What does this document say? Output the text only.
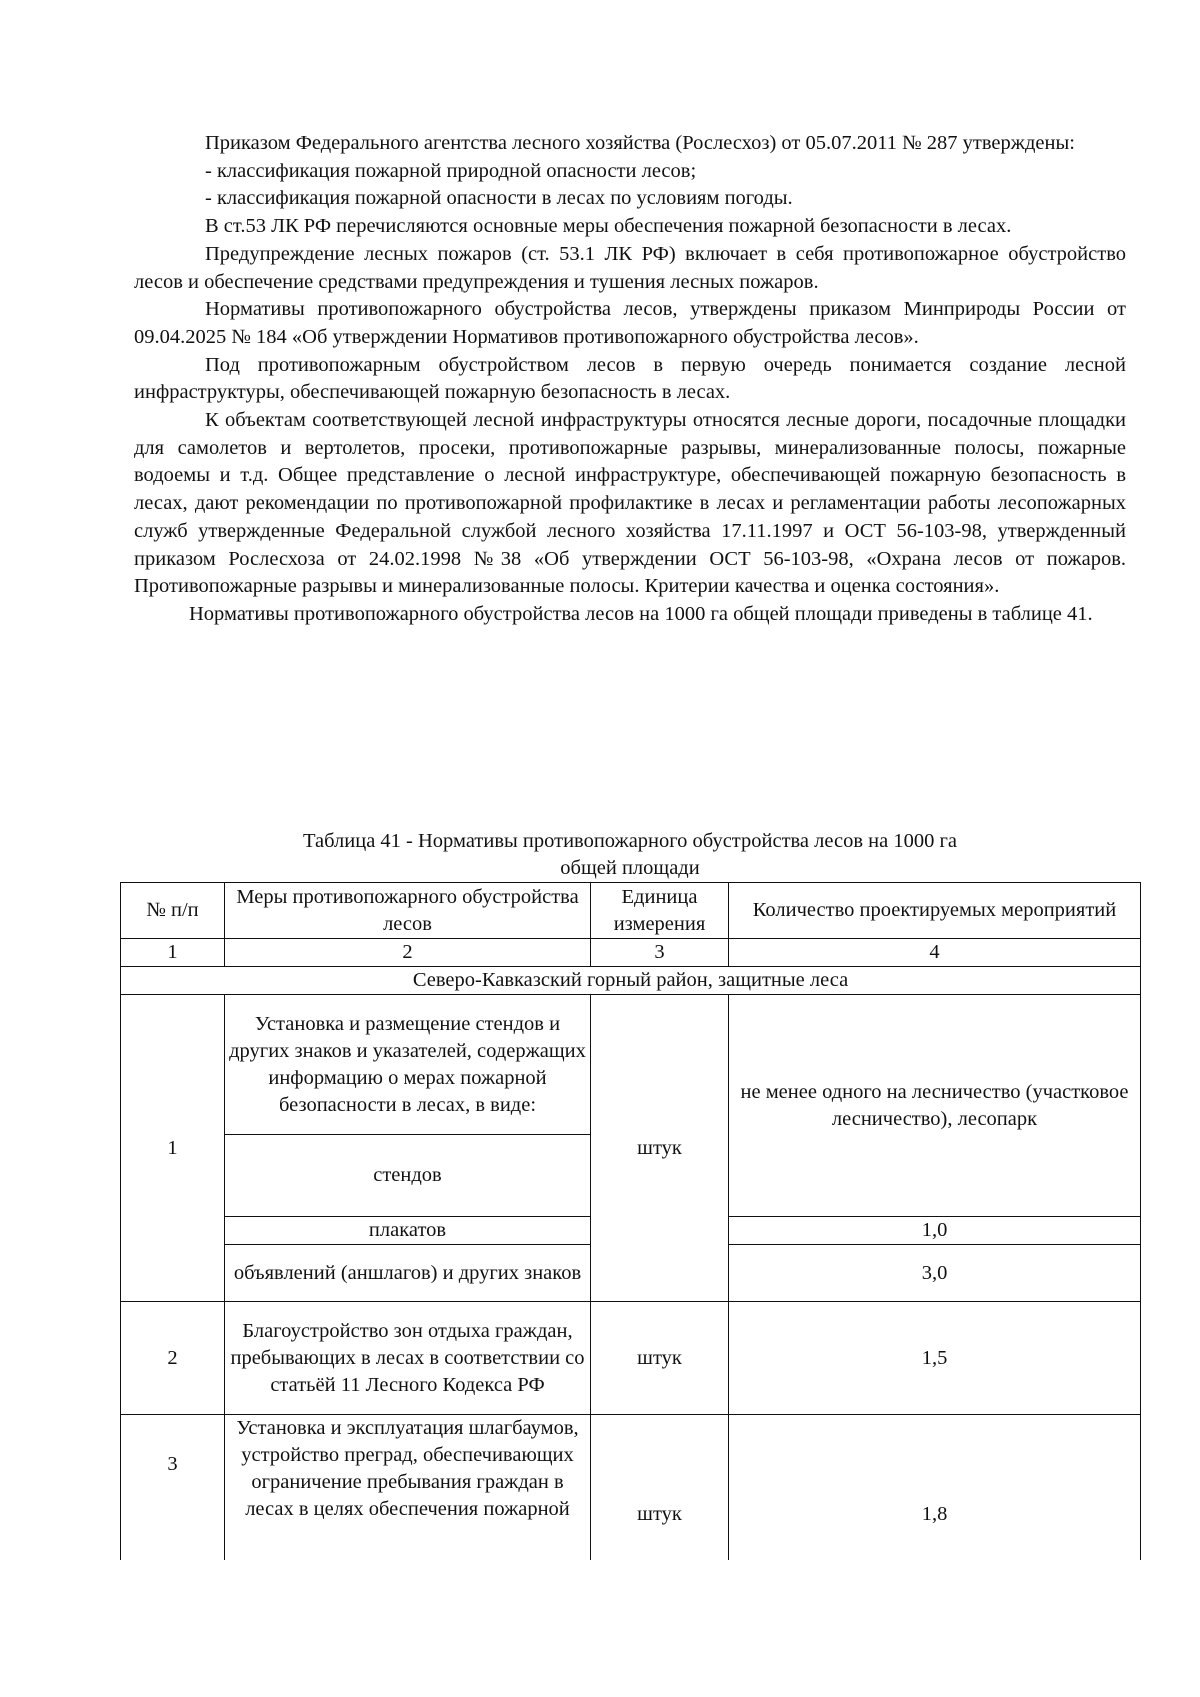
Приказом Федерального агентства лесного хозяйства (Рослесхоз) от 05.07.2011 № 287 утверждены:

- классификация пожарной природной опасности лесов;

- классификация пожарной опасности в лесах по условиям погоды.

В ст.53 ЛК РФ перечисляются основные меры обеспечения пожарной безопасности в лесах.

Предупреждение лесных пожаров (ст. 53.1 ЛК РФ) включает в себя противопожарное обустройство лесов и обеспечение средствами предупреждения и тушения лесных пожаров.

Нормативы противопожарного обустройства лесов, утверждены приказом Минприроды России от 09.04.2025 № 184 «Об утверждении Нормативов противопожарного обустройства лесов».

Под противопожарным обустройством лесов в первую очередь понимается создание лесной инфраструктуры, обеспечивающей пожарную безопасность в лесах.

К объектам соответствующей лесной инфраструктуры относятся лесные дороги, посадочные площадки для самолетов и вертолетов, просеки, противопожарные разрывы, минерализованные полосы, пожарные водоемы и т.д. Общее представление о лесной инфраструктуре, обеспечивающей пожарную безопасность в лесах, дают рекомендации по противопожарной профилактике в лесах и регламентации работы лесопожарных служб утвержденные Федеральной службой лесного хозяйства 17.11.1997 и ОСТ 56-103-98, утвержденный приказом Рослесхоза от 24.02.1998 №38 «Об утверждении ОСТ 56-103-98, «Охрана лесов от пожаров. Противопожарные разрывы и минерализованные полосы. Критерии качества и оценка состояния».

Нормативы противопожарного обустройства лесов на 1000 га общей площади приведены в таблице 41.

Таблица 41 - Нормативы противопожарного обустройства лесов на 1000 га
общей площади
№ п/п	Меры противопожарного обустройства лесов	Единица измерения	Количество проектируемых мероприятий
1	2	3	4
Северо-Кавказский горный район, защитные леса			
1	Установка и размещение стендов и других знаков и указателей, содержащих информацию о мерах пожарной безопасности в лесах, в виде:	штук	не менее одного на лесничество (участковое лесничество), лесопарк
	стендов		
	плакатов		1,0
	объявлений (аншлагов) и других знаков		3,0
2	Благоустройство зон отдыха граждан, пребывающих в лесах в соответствии со статьёй 11 Лесного Кодекса РФ	штук	1,5
3	Установка и эксплуатация шлагбаумов, устройство преград, обеспечивающих ограничение пребывания граждан в лесах в целях обеспечения пожарной	штук	1,8
